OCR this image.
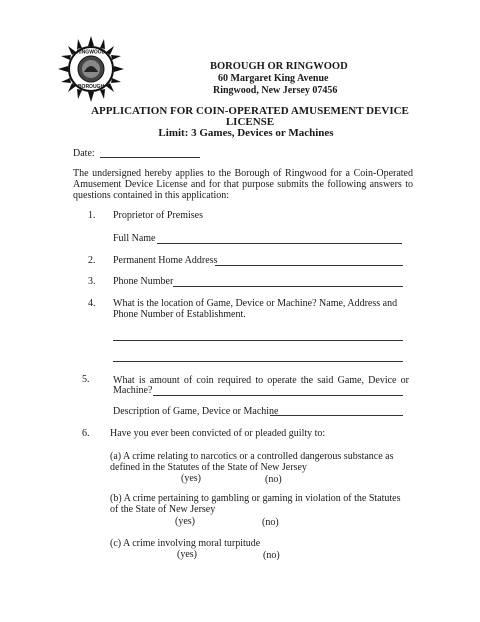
RINGWOOD
BOROUGH
BOROUGH OR RINGWOOD
60 Margaret King Avenue
Ringwood, New Jersey 07456
APPLICATION FOR COIN-OPERATED AMUSEMENT DEVICE
LICENSE
Limit: 3 Games, Devices or Machines
Date:
The undersigned hereby applies to the Borough of Ringwood for a Coin-Operated Amusement Device License and for that purpose submits the following answers to questions contained in this application:
1. Proprietor of Premises
Full Name
2. Permanent Home Address
3. Phone Number
4. What is the location of Game, Device or Machine? Name, Address and Phone Number of Establishment.
5. What is amount of coin required to operate the said Game, Device or
Machine?
Description of Game, Device or Machine
6. Have you ever been convicted of or pleaded guilty to:
(a) A crime relating to narcotics or a controlled dangerous substance as defined in the Statutes of the State of New Jersey
(yes)	(no)
(b) A crime pertaining to gambling or gaming in violation of the Statutes of the State of New Jersey
(yes)	(no)
(c) A crime involving moral turpitude
(yes)	(no)
